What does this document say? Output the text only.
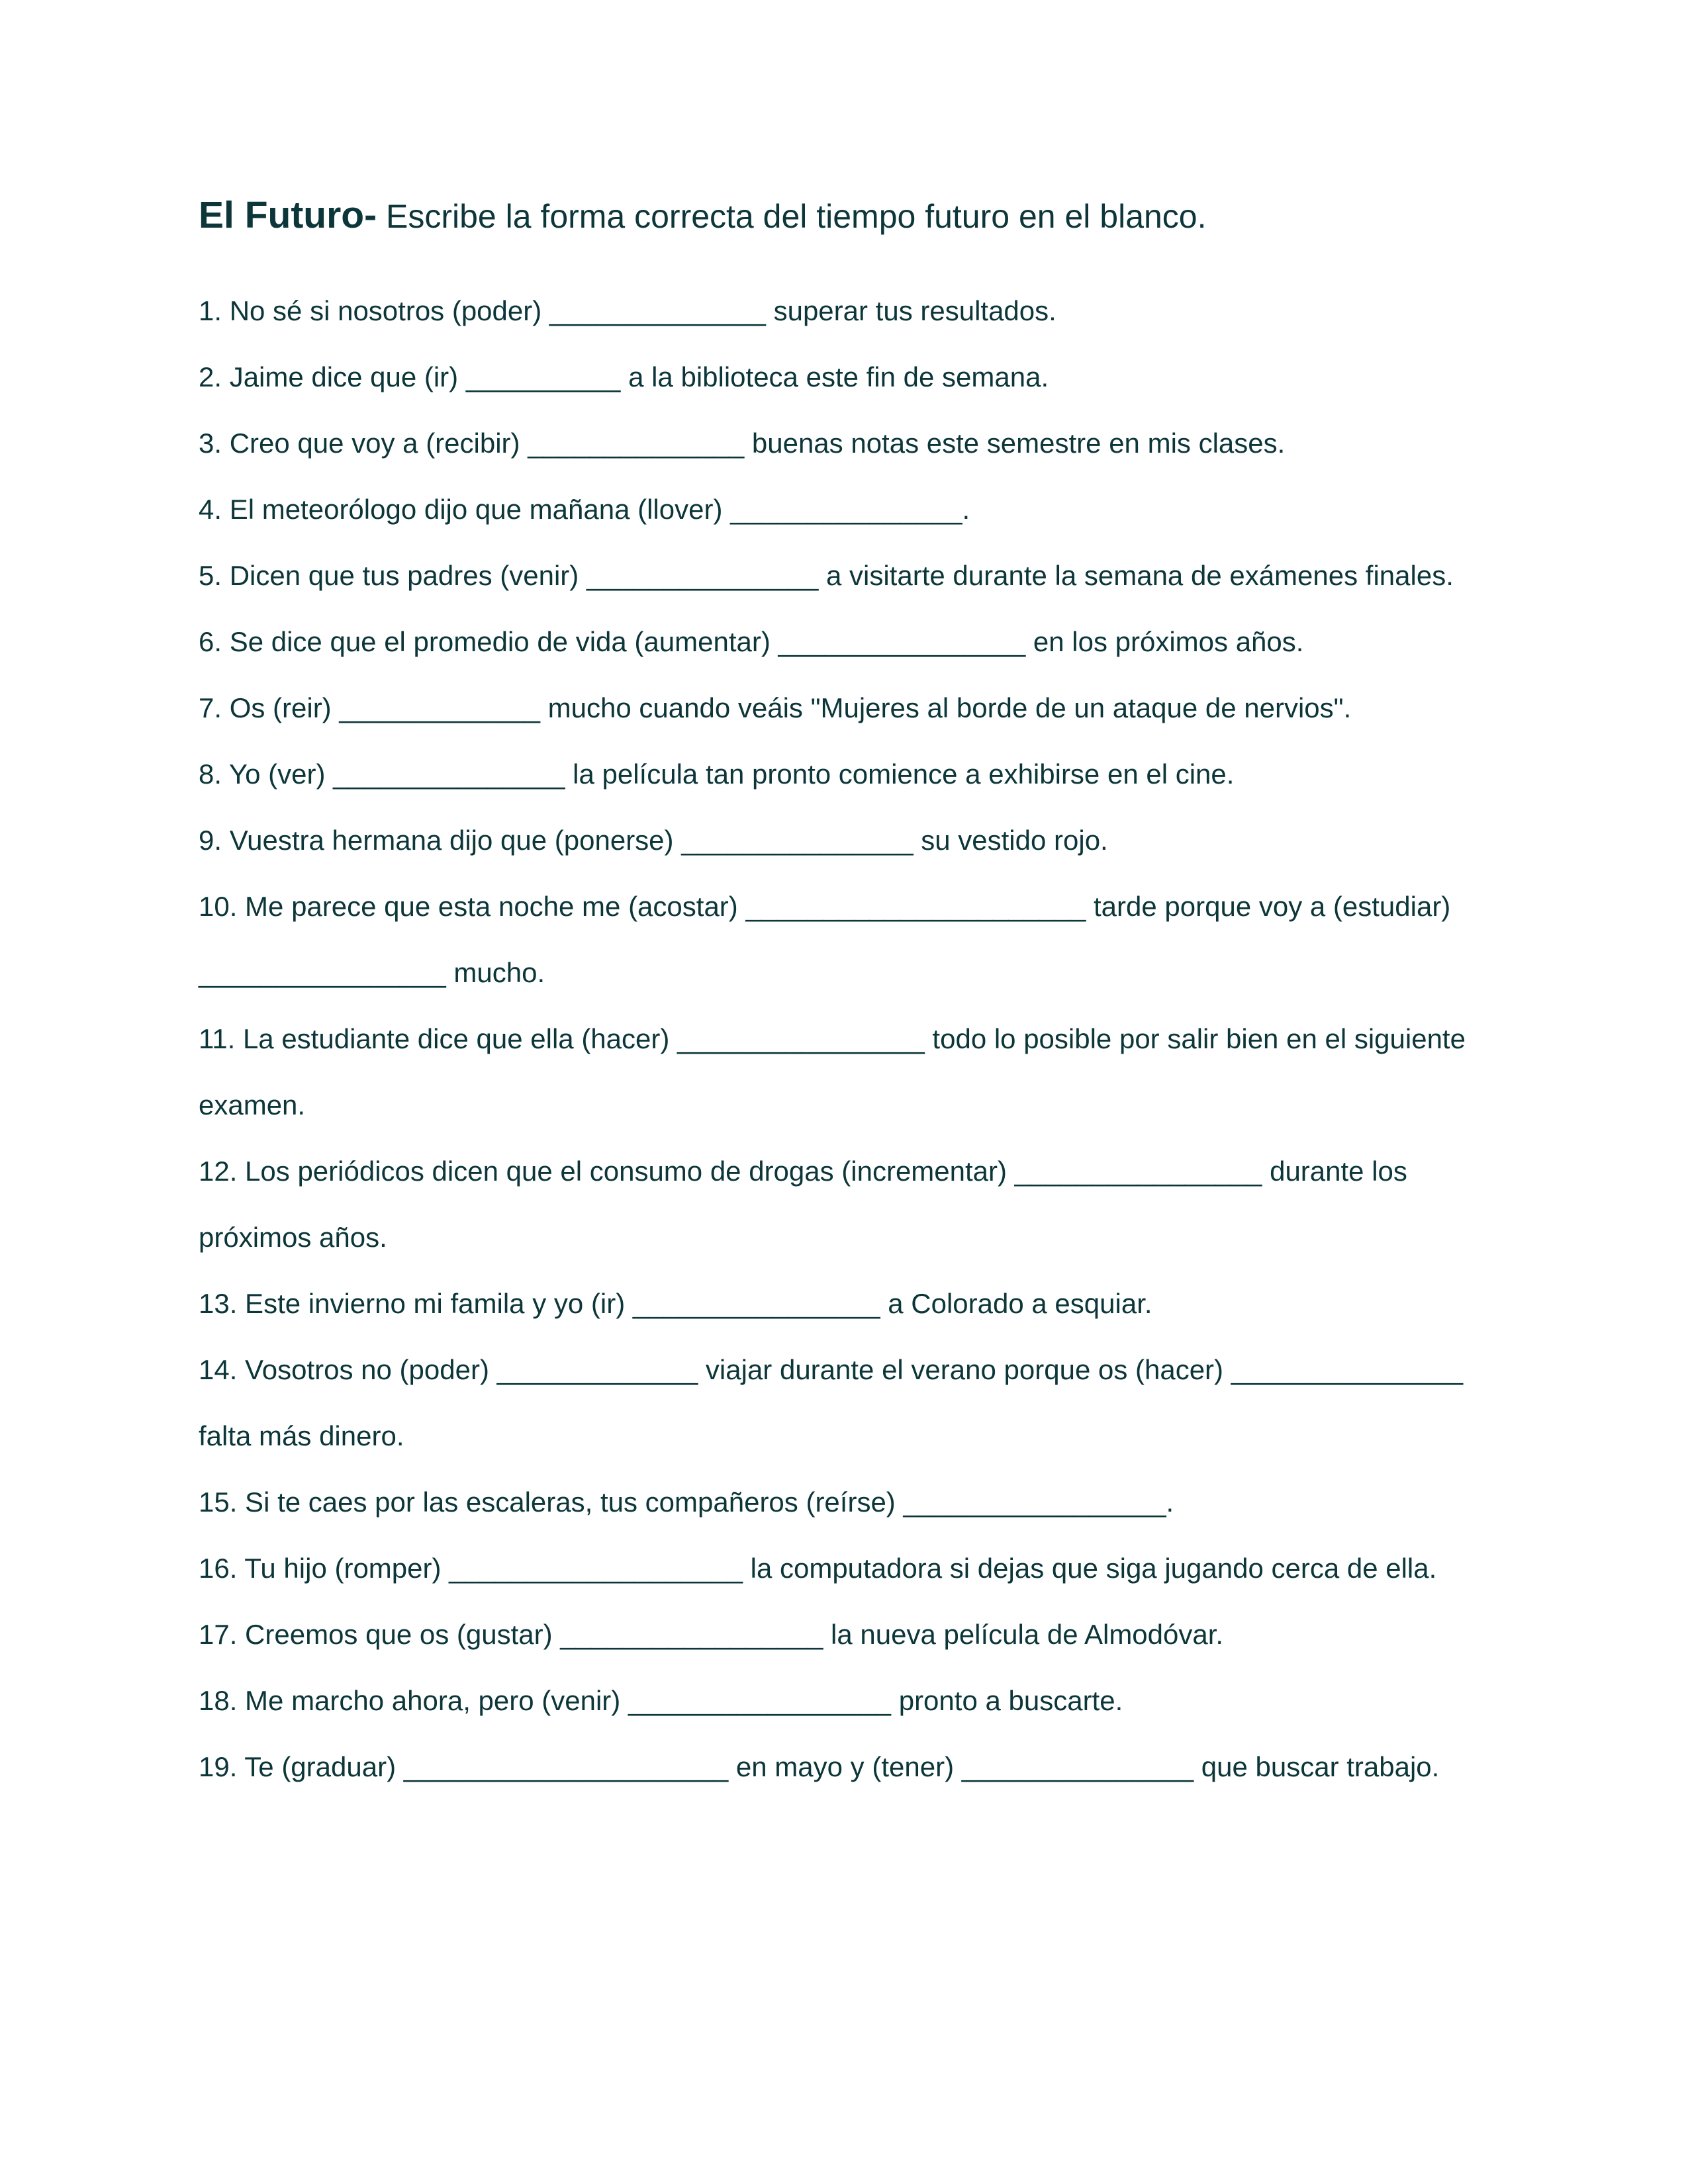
El Futuro- Escribe la forma correcta del tiempo futuro en el blanco.
1. No sé si nosotros (poder) ______________ superar tus resultados.
2. Jaime dice que (ir) __________ a la biblioteca este fin de semana.
3. Creo que voy a (recibir) ______________ buenas notas este semestre en mis clases.
4. El meteorólogo dijo que mañana (llover) _______________.
5. Dicen que tus padres (venir) _______________ a visitarte durante la semana de exámenes finales.
6. Se dice que el promedio de vida (aumentar) ________________ en los próximos años.
7. Os (reir) _____________ mucho cuando veáis "Mujeres al borde de un ataque de nervios".
8. Yo (ver) _______________ la película tan pronto comience a exhibirse en el cine.
9. Vuestra hermana dijo que (ponerse) _______________ su vestido rojo.
10. Me parece que esta noche me (acostar) ______________________ tarde porque voy a (estudiar)
________________ mucho.
11. La estudiante dice que ella (hacer) ________________ todo lo posible por salir bien en el siguiente
examen.
12. Los periódicos dicen que el consumo de drogas (incrementar) ________________ durante los
próximos años.
13. Este invierno mi famila y yo (ir) ________________ a Colorado a esquiar.
14. Vosotros no (poder) _____________ viajar durante el verano porque os (hacer) _______________
falta más dinero.
15. Si te caes por las escaleras, tus compañeros (reírse) _________________.
16. Tu hijo (romper) ___________________ la computadora si dejas que siga jugando cerca de ella.
17. Creemos que os (gustar) _________________ la nueva película de Almodóvar.
18. Me marcho ahora, pero (venir) _________________ pronto a buscarte.
19. Te (graduar) _____________________ en mayo y (tener) _______________ que buscar trabajo.
